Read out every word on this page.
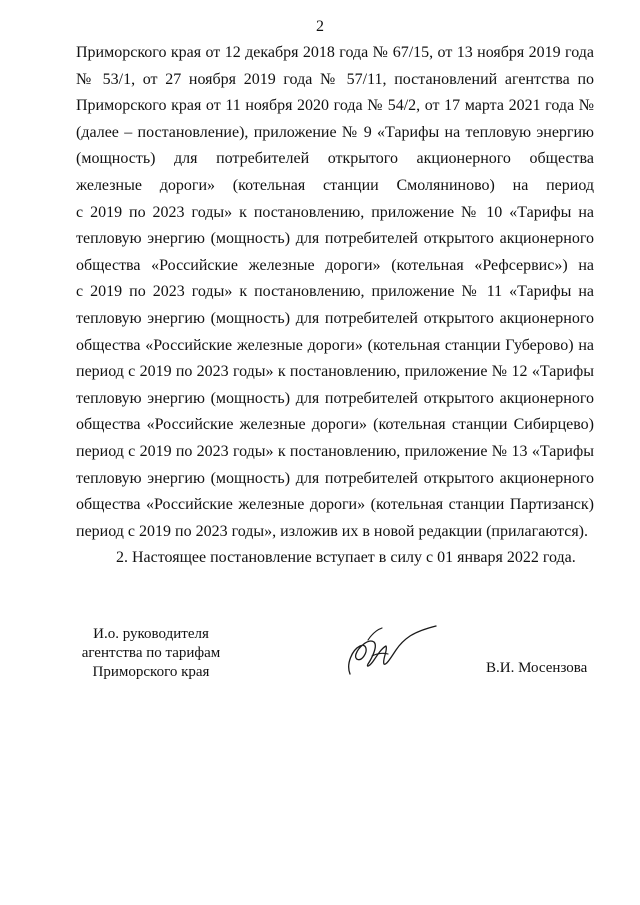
2
Приморского края от 12 декабря 2018 года № 67/15, от 13 ноября 2019 года
№ 53/1, от 27 ноября 2019 года № 57/11, постановлений агентства по
Приморского края от 11 ноября 2020 года № 54/2, от 17 марта 2021 года №
(далее – постановление), приложение № 9 «Тарифы на тепловую энергию
(мощность) для потребителей открытого акционерного общества
железные дороги» (котельная станции Смоляниново) на период
с 2019 по 2023 годы» к постановлению, приложение № 10 «Тарифы на
тепловую энергию (мощность) для потребителей открытого акционерного
общества «Российские железные дороги» (котельная «Рефсервис») на
с 2019 по 2023 годы» к постановлению, приложение № 11 «Тарифы на
тепловую энергию (мощность) для потребителей открытого акционерного
общества «Российские железные дороги» (котельная станции Губерово) на
период с 2019 по 2023 годы» к постановлению, приложение № 12 «Тарифы
тепловую энергию (мощность) для потребителей открытого акционерного
общества «Российские железные дороги» (котельная станции Сибирцево)
период с 2019 по 2023 годы» к постановлению, приложение № 13 «Тарифы
тепловую энергию (мощность) для потребителей открытого акционерного
общества «Российские железные дороги» (котельная станции Партизанск)
период с 2019 по 2023 годы», изложив их в новой редакции (прилагаются).
2. Настоящее постановление вступает в силу с 01 января 2022 года.
И.о. руководителя
агентства по тарифам
Приморского края	В.И. Мосензова
